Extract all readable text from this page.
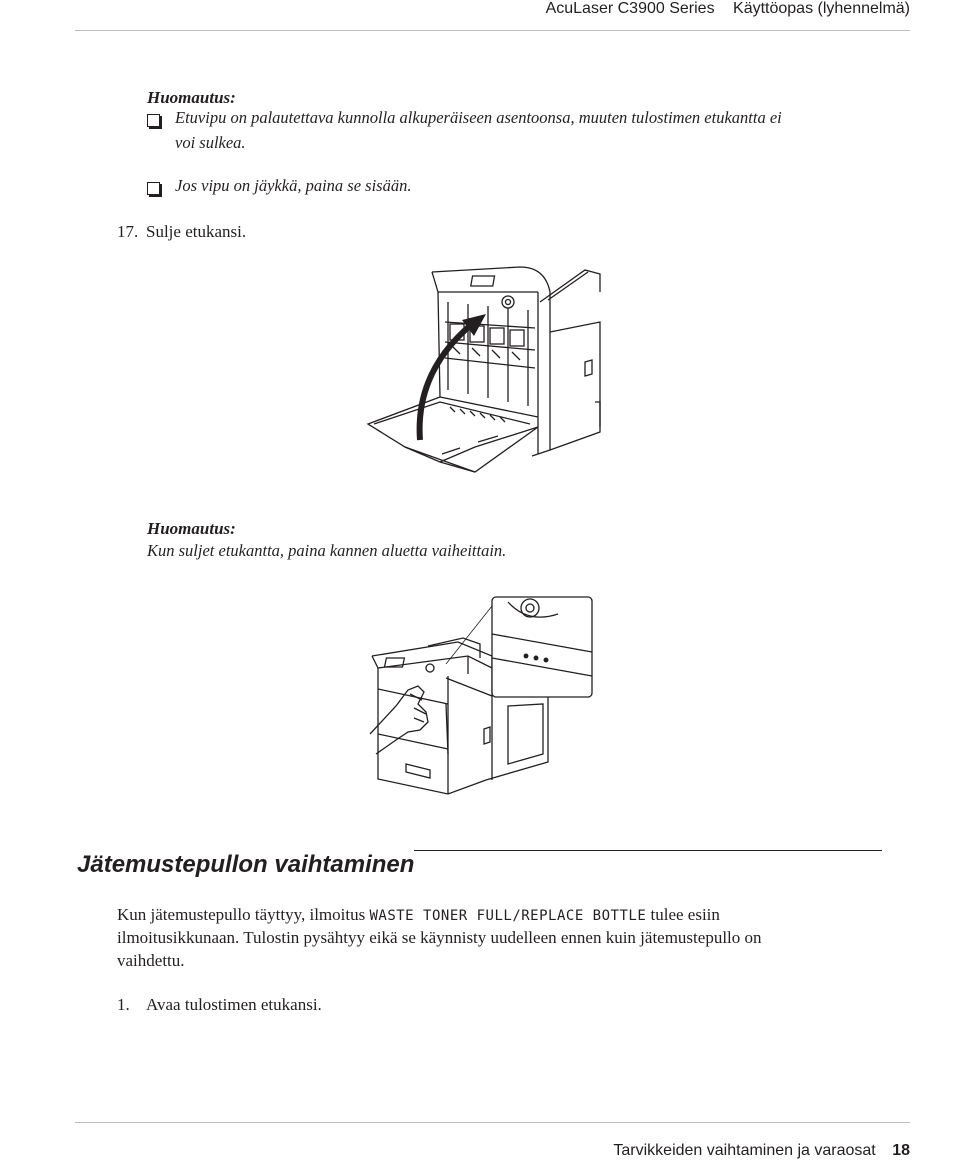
AcuLaser C3900 Series Käyttöopas (lyhennelmä)
Huomautus:
Etuvipu on palautettava kunnolla alkuperäiseen asentoonsa, muuten tulostimen etukantta ei
voi sulkea.
Jos vipu on jäykkä, paina se sisään.
17. Sulje etukansi.
Huomautus:
Kun suljet etukantta, paina kannen aluetta vaiheittain.
Jätemustepullon vaihtaminen
Kun jätemustepullo täyttyy, ilmoitus WASTE TONER FULL/REPLACE BOTTLE tulee esiin
ilmoitusikkunaan. Tulostin pysähtyy eikä se käynnisty uudelleen ennen kuin jätemustepullo on
vaihdettu.
1. Avaa tulostimen etukansi.
Tarvikkeiden vaihtaminen ja varaosat 18
